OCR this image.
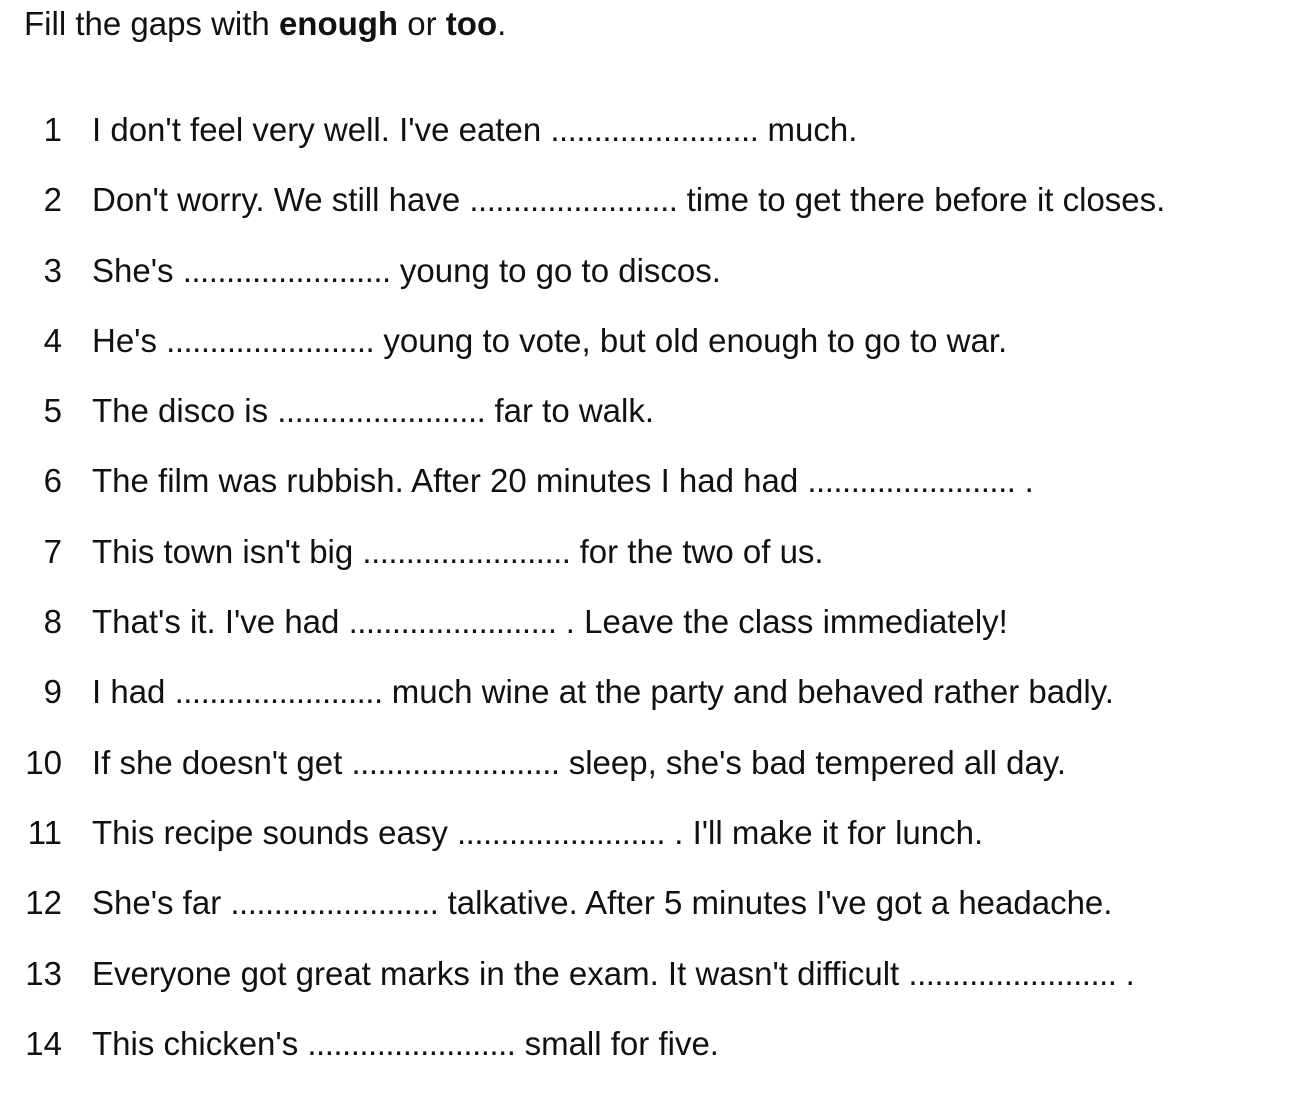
Fill the gaps with enough or too.
1 I don't feel very well. I've eaten ........................ much.
2 Don't worry. We still have ........................ time to get there before it closes.
3 She's ........................ young to go to discos.
4 He's ........................ young to vote, but old enough to go to war.
5 The disco is ........................ far to walk.
6 The film was rubbish. After 20 minutes I had had ........................ .
7 This town isn't big ........................ for the two of us.
8 That's it. I've had ........................ . Leave the class immediately!
9 I had ........................ much wine at the party and behaved rather badly.
10 If she doesn't get ........................ sleep, she's bad tempered all day.
11 This recipe sounds easy ........................ . I'll make it for lunch.
12 She's far ........................ talkative. After 5 minutes I've got a headache.
13 Everyone got great marks in the exam. It wasn't difficult ........................ .
14 This chicken's ........................ small for five.
